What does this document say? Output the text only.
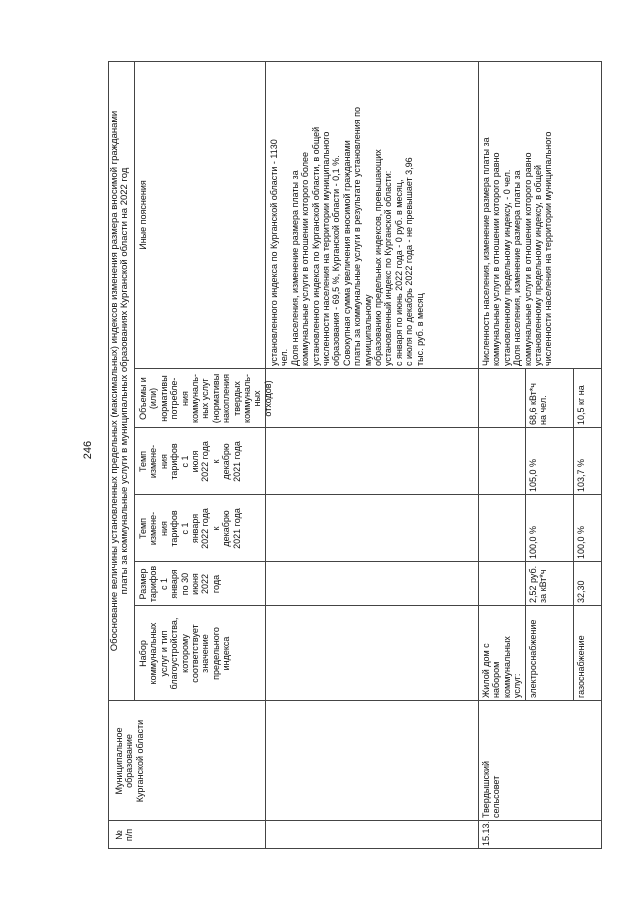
246
№
п/п
Муниципальное
образование
Курганской области
Обоснование величины установленных предельных (максимальных) индексов изменения размера вносимой гражданами
платы за коммунальные услуги в муниципальных образованиях Курганской области на 2022 год
Набор
коммунальных
услуг и тип
благоустройства,
которому
соответствует
значение
предельного
индекса
Размер
тарифов
с 1
января
по 30
июня
2022
года
Темп
измене-
ния
тарифов
с 1
января
2022 года
к
декабрю
2021 года
Темп
измене-
ния
тарифов
с 1
июля
2022 года
к
декабрю
2021 года
Объемы и
(или)
нормативы
потребле-
ния
коммуналь-
ных услуг
(нормативы
накопления
твердых
коммуналь-
ных
отходов)
Иные пояснения
установленного индекса по Курганской области - 1130
чел.
Доля населения, изменение размера платы за
коммунальные услуги в отношении которого более
установленного индекса по Курганской области, в общей
численности населения на территории муниципального
образования - 69,5 %, Курганской области - 0,1 %.
Совокупная сумма увеличения вносимой гражданами
платы за коммунальные услуги в результате установления по муниципальному
образованию предельных индексов, превышающих
установленный индекс по Курганской области:
с января по июнь 2022 года - 0 руб. в месяц,
с июля по декабрь 2022 года - не превышает 3,96
тыс. руб. в месяц
15.13.
Твердышский
сельсовет
Жилой дом с
набором
коммунальных
услуг: электроснабжение
2,52 руб.
за кВт*ч
100,0 %
105,0 %
68,6 кВт*ч
на чел.
газоснабжение
32,30
100,0 %
103,7 %
10,5 кг на
Численность населения, изменение размера платы за
коммунальные услуги в отношении которого равно
установленному предельному индексу, - 0 чел.
Доля населения, изменение размера платы за
коммунальные услуги в отношении которого равно
установленному предельному индексу, в общей
численности населения на территории муниципального
